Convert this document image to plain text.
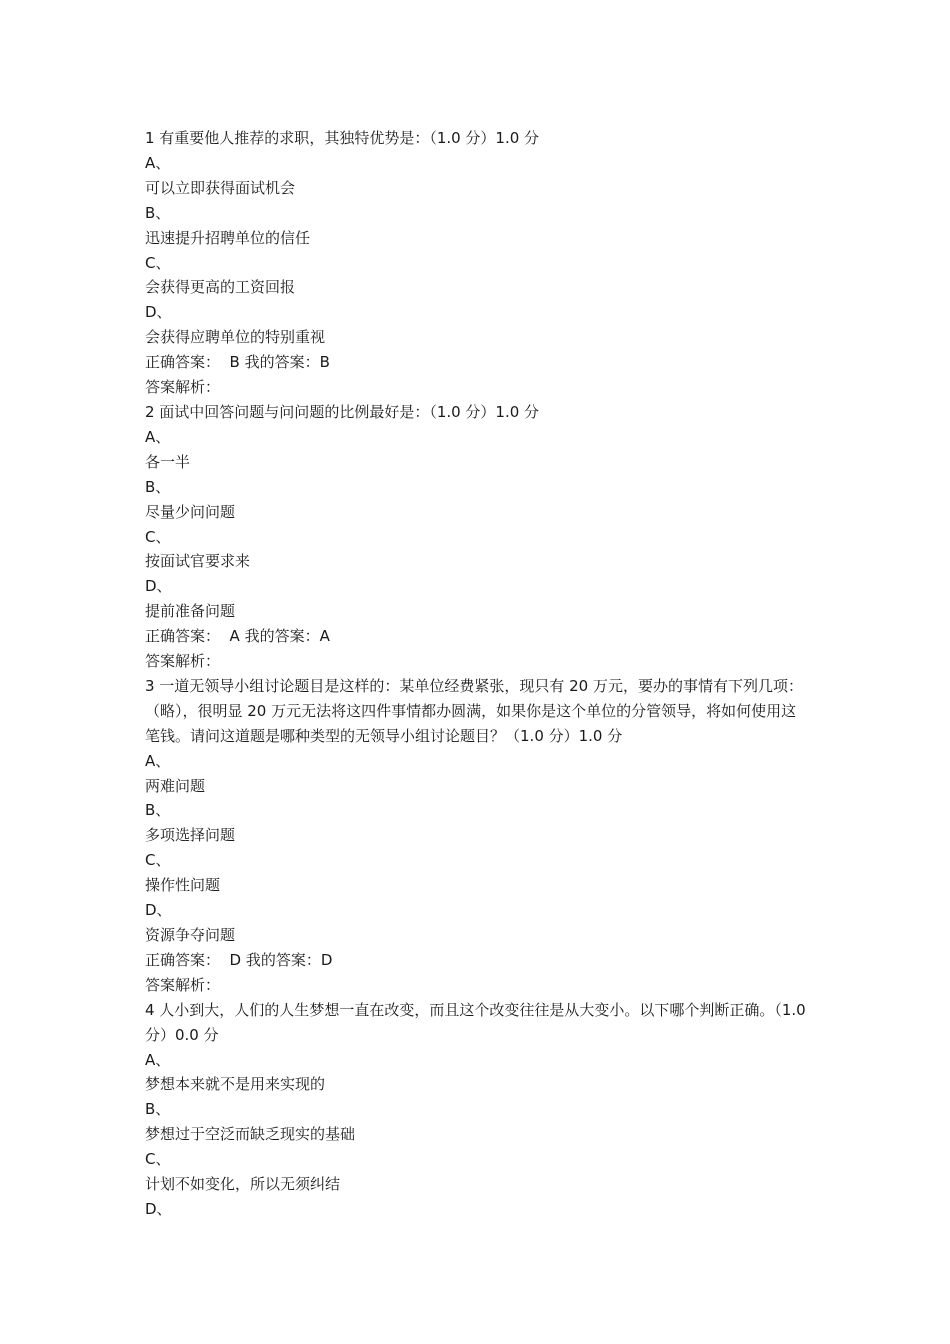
1 有重要他人推荐的求职，其独特优势是：（1.0 分）1.0 分

A、

可以立即获得面试机会

B、

迅速提升招聘单位的信任

C、

会获得更高的工资回报

D、

会获得应聘单位的特别重视

正确答案：  B 我的答案：B

答案解析：

2 面试中回答问题与问问题的比例最好是：（1.0 分）1.0 分

A、

各一半

B、

尽量少问问题

C、

按面试官要求来

D、

提前准备问题

正确答案：  A 我的答案：A

答案解析：

3 一道无领导小组讨论题目是这样的：某单位经费紧张，现只有 20 万元，要办的事情有下列几项：（略），很明显 20 万元无法将这四件事情都办圆满，如果你是这个单位的分管领导，将如何使用这笔钱。请问这道题是哪种类型的无领导小组讨论题目？（1.0 分）1.0 分

A、

两难问题

B、

多项选择问题

C、

操作性问题

D、

资源争夺问题

正确答案：  D 我的答案：D

答案解析：

4 人小到大，人们的人生梦想一直在改变，而且这个改变往往是从大变小。以下哪个判断正确。（1.0 分）0.0 分

A、

梦想本来就不是用来实现的

B、

梦想过于空泛而缺乏现实的基础

C、

计划不如变化，所以无须纠结

D、
